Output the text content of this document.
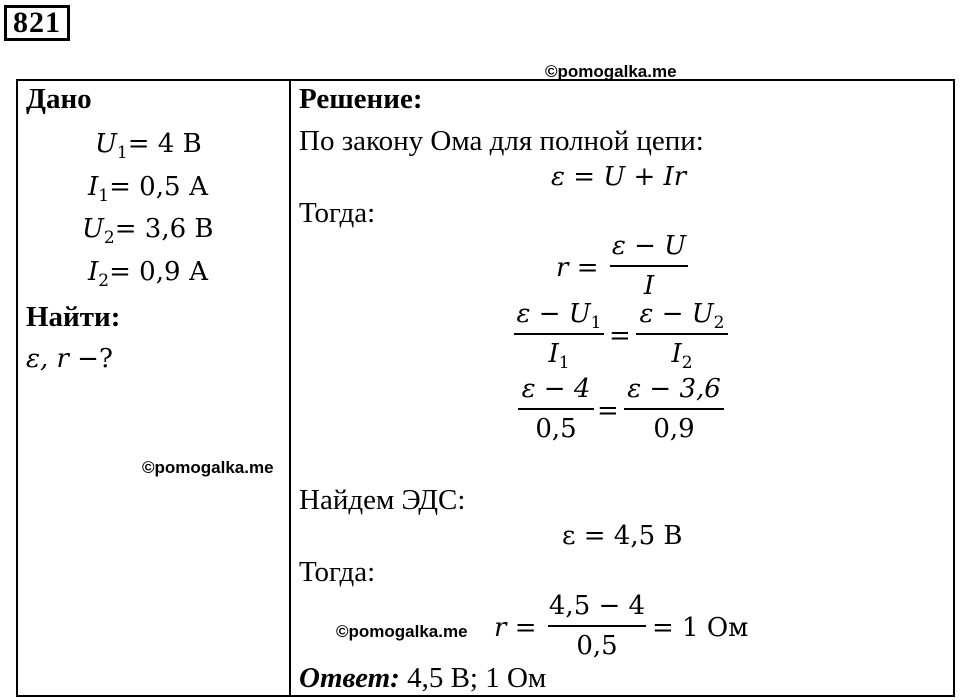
821
©pomogalka.me
©pomogalka.me
©pomogalka.me
Дано
$U_1= 4$ В
$I_1= 0,5$ А
$U_2= 3,6$ В
$I_2= 0,9$ А
Найти:
ε, r −?
Решение:
По закону Ома для полной цепи:
ε = U + Ir
Тогда:
r =
ε − U
I
$\varepsilon - U_1$
$I_1$
=
$\varepsilon - U_2$
$I_2$
ε − 4
0,5
=
ε − 3,6
0,9
Найдем ЭДС:
ε = 4,5 В
Тогда:
r =
4,5 − 4
0,5
= 1 Ом
Ответ: 4,5 В; 1 Ом
